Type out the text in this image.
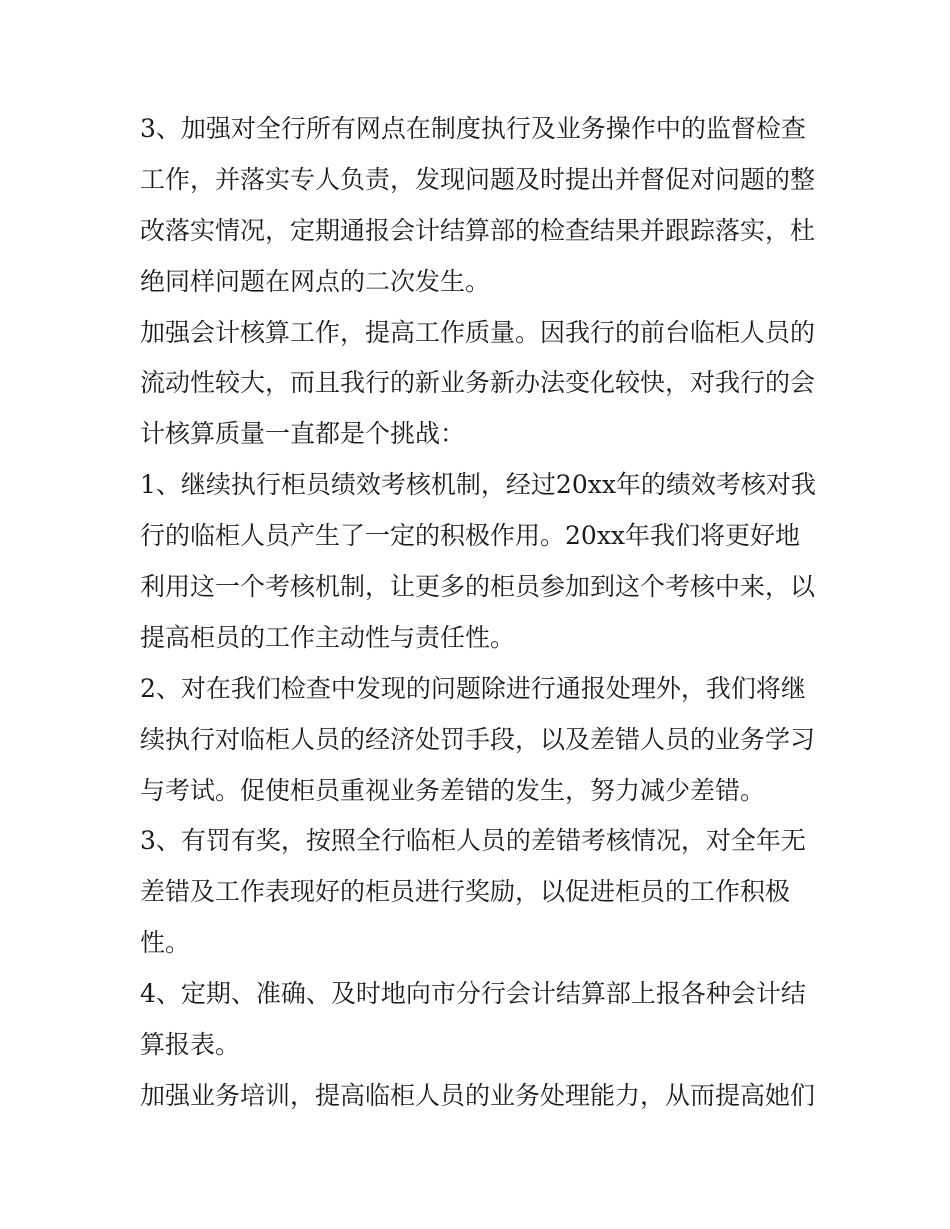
3、加强对全行所有网点在制度执行及业务操作中的监督检查
工作，并落实专人负责，发现问题及时提出并督促对问题的整
改落实情况，定期通报会计结算部的检查结果并跟踪落实，杜
绝同样问题在网点的二次发生。
加强会计核算工作，提高工作质量。因我行的前台临柜人员的
流动性较大，而且我行的新业务新办法变化较快，对我行的会
计核算质量一直都是个挑战：
1、继续执行柜员绩效考核机制，经过20xx年的绩效考核对我
行的临柜人员产生了一定的积极作用。20xx年我们将更好地
利用这一个考核机制，让更多的柜员参加到这个考核中来，以
提高柜员的工作主动性与责任性。
2、对在我们检查中发现的问题除进行通报处理外，我们将继
续执行对临柜人员的经济处罚手段，以及差错人员的业务学习
与考试。促使柜员重视业务差错的发生，努力减少差错。
3、有罚有奖，按照全行临柜人员的差错考核情况，对全年无
差错及工作表现好的柜员进行奖励，以促进柜员的工作积极
性。
4、定期、准确、及时地向市分行会计结算部上报各种会计结
算报表。
加强业务培训，提高临柜人员的业务处理能力，从而提高她们
